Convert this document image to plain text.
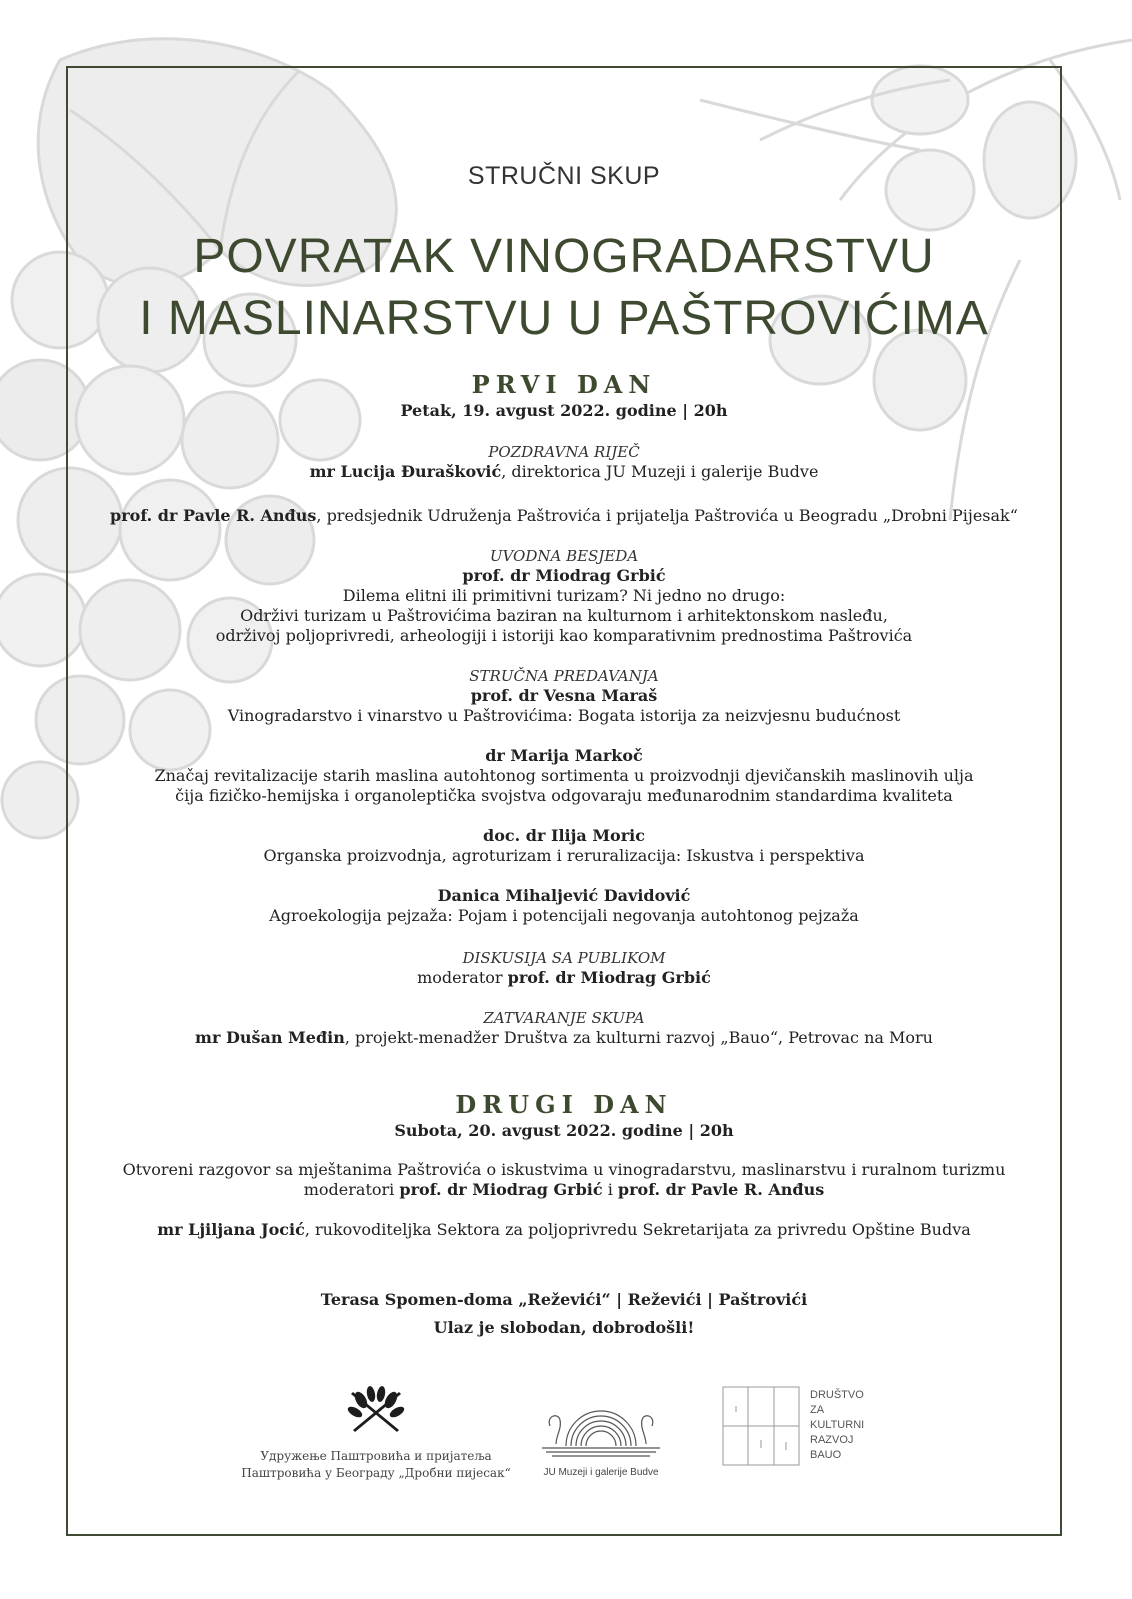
STRUČNI SKUP
POVRATAK VINOGRADARSTVU
I MASLINARSTVU U PAŠTROVIĆIMA
PRVI DAN
Petak, 19. avgust 2022. godine | 20h
POZDRAVNA RIJEČ
mr Lucija Đurašković, direktorica JU Muzeji i galerije Budve
prof. dr Pavle R. Anđus, predsjednik Udruženja Paštrovića i prijatelja Paštrovića u Beogradu „Drobni Pijesak“
UVODNA BESJEDA
prof. dr Miodrag Grbić
Dilema elitni ili primitivni turizam? Ni jedno no drugo:
Održivi turizam u Paštrovićima baziran na kulturnom i arhitektonskom nasleđu,
održivoj poljoprivredi, arheologiji i istoriji kao komparativnim prednostima Paštrovića
STRUČNA PREDAVANJA
prof. dr Vesna Maraš
Vinogradarstvo i vinarstvo u Paštrovićima: Bogata istorija za neizvjesnu budućnost
dr Marija Markoč
Značaj revitalizacije starih maslina autohtonog sortimenta u proizvodnji djevičanskih maslinovih ulja
čija fizičko-hemijska i organoleptička svojstva odgovaraju međunarodnim standardima kvaliteta
doc. dr Ilija Moric
Organska proizvodnja, agroturizam i reruralizacija: Iskustva i perspektiva
Danica Mihaljević Davidović
Agroekologija pejzaža: Pojam i potencijali negovanja autohtonog pejzaža
DISKUSIJA SA PUBLIKOM
moderator prof. dr Miodrag Grbić
ZATVARANJE SKUPA
mr Dušan Međin, projekt-menadžer Društva za kulturni razvoj „Bauo“, Petrovac na Moru
DRUGI DAN
Subota, 20. avgust 2022. godine | 20h
Otvoreni razgovor sa mještanima Paštrovića o iskustvima u vinogradarstvu, maslinarstvu i ruralnom turizmu
moderatori prof. dr Miodrag Grbić i prof. dr Pavle R. Anđus
mr Ljiljana Jocić, rukovoditeljka Sektora za poljoprivredu Sekretarijata za privredu Opštine Budva
Terasa Spomen-doma „Reževići“ | Reževići | Paštrovići
Ulaz je slobodan, dobrodošli!
Удружење Паштровића и пријатеља
Паштровића у Београду „Дробни пијесак“	JU Muzeji i galerije Budve
DRUŠTVO
ZA
KULTURNI
RAZVOJ
BAUO
